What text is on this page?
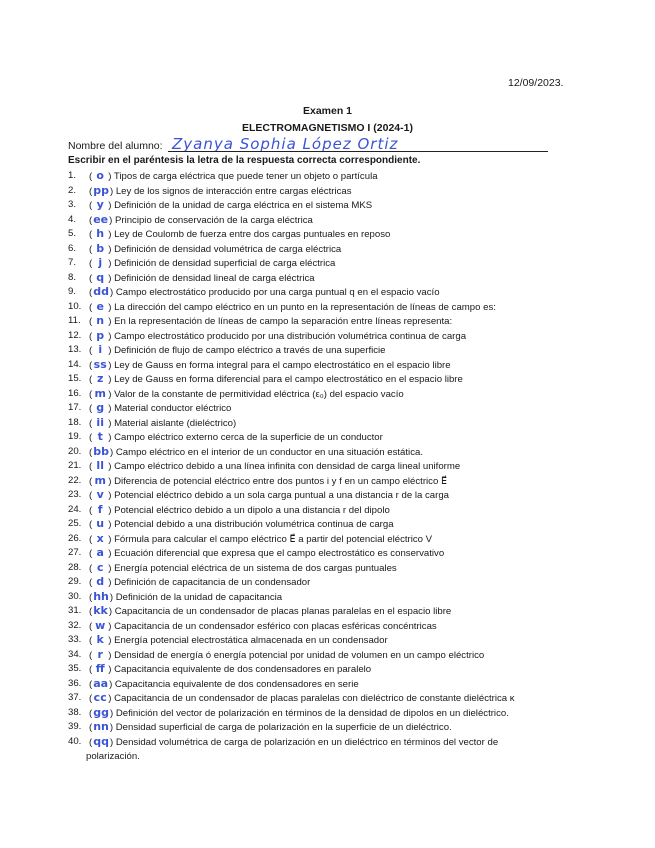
12/09/2023.
Examen 1
ELECTROMAGNETISMO I (2024-1)
Nombre del alumno: Zyanya Sophia López Ortiz
Escribir en el paréntesis la letra de la respuesta correcta correspondiente.
1.	( o ) Tipos de carga eléctrica que puede tener un objeto o partícula
2.	(pp) Ley de los signos de interacción entre cargas eléctricas
3.	( y ) Definición de la unidad de carga eléctrica en el sistema MKS
4.	(ee) Principio de conservación de la carga eléctrica
5.	( h ) Ley de Coulomb de fuerza entre dos cargas puntuales en reposo
6.	( b ) Definición de densidad volumétrica de carga eléctrica
7.	( j ) Definición de densidad superficial de carga eléctrica
8.	( q ) Definición de densidad lineal de carga eléctrica
9.	(dd) Campo electrostático producido por una carga puntual q en el espacio vacío
10. ( e ) La dirección del campo eléctrico en un punto en la representación de líneas de campo es:
11. ( n ) En la representación de líneas de campo la separación entre líneas representa:
12. ( p ) Campo electrostático producido por una distribución volumétrica continua de carga
13. ( i ) Definición de flujo de campo eléctrico a través de una superficie
14. (ss) Ley de Gauss en forma integral para el campo electrostático en el espacio libre
15. ( z ) Ley de Gauss en forma diferencial para el campo electrostático en el espacio libre
16. ( m ) Valor de la constante de permitividad eléctrica (ε₀) del espacio vacío
17. ( g ) Material conductor eléctrico
18. ( ii ) Material aislante (dieléctrico)
19. ( t ) Campo eléctrico externo cerca de la superficie de un conductor
20. (bb) Campo eléctrico en el interior de un conductor en una situación estática.
21. ( ll ) Campo eléctrico debido a una línea infinita con densidad de carga lineal uniforme
22. ( m ) Diferencia de potencial eléctrico entre dos puntos i y f en un campo eléctrico E⃗
23. ( v ) Potencial eléctrico debido a un sola carga puntual a una distancia r de la carga
24. ( f ) Potencial eléctrico debido a un dipolo a una distancia r del dipolo
25. ( u ) Potencial debido a una distribución volumétrica continua de carga
26. ( x ) Fórmula para calcular el campo eléctrico E⃗ a partir del potencial eléctrico V
27. ( a ) Ecuación diferencial que expresa que el campo electrostático es conservativo
28. ( c ) Energía potencial eléctrica de un sistema de dos cargas puntuales
29. ( d ) Definición de capacitancia de un condensador
30. (hh) Definición de la unidad de capacitancia
31. (kk) Capacitancia de un condensador de placas planas paralelas en el espacio libre
32. ( w ) Capacitancia de un condensador esférico con placas esféricas concéntricas
33. ( k ) Energía potencial electrostática almacenada en un condensador
34. ( r ) Densidad de energía ó energía potencial por unidad de volumen en un campo eléctrico
35. ( ff ) Capacitancia equivalente de dos condensadores en paralelo
36. (aa) Capacitancia equivalente de dos condensadores en serie
37. (cc) Capacitancia de un condensador de placas paralelas con dieléctrico de constante dieléctrica κ
38. (gg) Definición del vector de polarización en términos de la densidad de dipolos en un dieléctrico.
39. (nn) Densidad superficial de carga de polarización en la superficie de un dieléctrico.
40. (qq) Densidad volumétrica de carga de polarización en un dieléctrico en términos del vector de
polarización.
